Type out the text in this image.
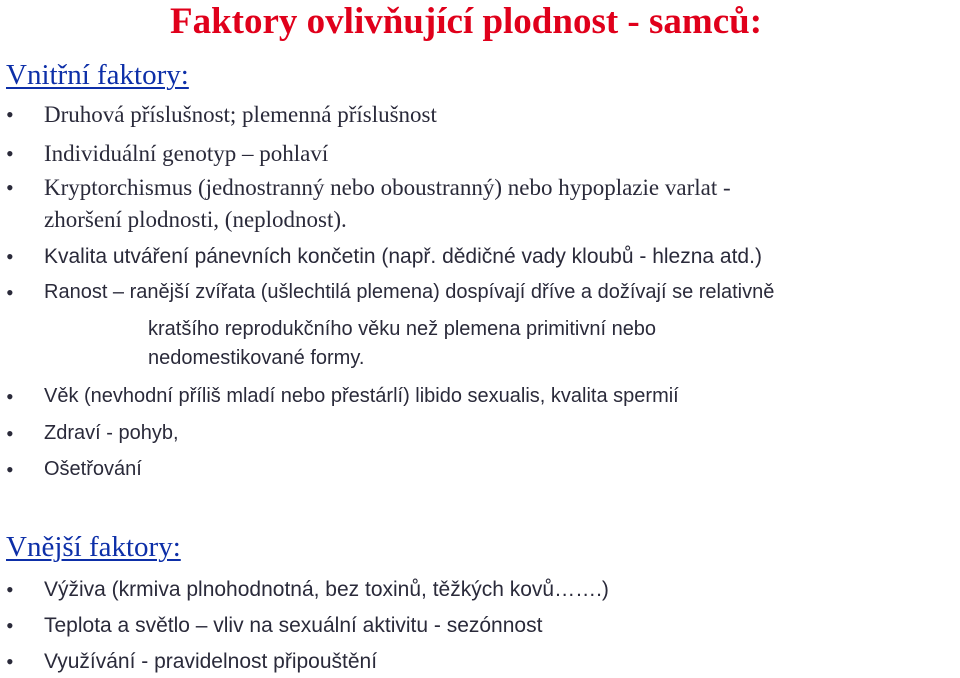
Faktory ovlivňující plodnost - samců:
Vnitřní faktory:
• Druhová příslušnost; plemenná příslušnost
• Individuální genotyp – pohlaví
• Kryptorchismus (jednostranný nebo oboustranný) nebo hypoplazie varlat -
zhoršení plodnosti, (neplodnost).
• Kvalita utváření pánevních končetin (např. dědičné vady kloubů - hlezna atd.)
• Ranost – ranější zvířata (ušlechtilá plemena) dospívají dříve a dožívají se relativně
kratšího reprodukčního věku než plemena primitivní nebo
nedomestikované formy.
• Věk (nevhodní příliš mladí nebo přestárlí) libido sexualis, kvalita spermií
• Zdraví - pohyb,
• Ošetřování
Vnější faktory:
• Výživa (krmiva plnohodnotná, bez toxinů, těžkých kovů…….)
• Teplota a světlo – vliv na sexuální aktivitu - sezónnost
• Využívání - pravidelnost připouštění
